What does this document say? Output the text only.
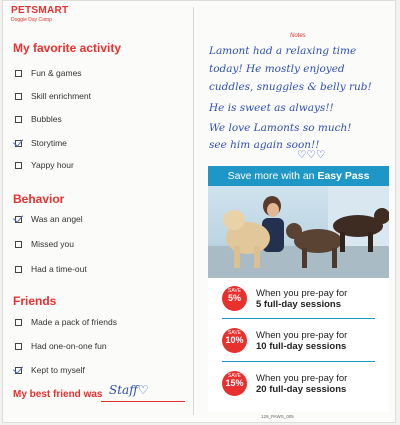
PETSMART
Doggie Day Camp
My favorite activity
Fun & games
Skill enrichment
Bubbles
Storytime
Yappy hour
Behavior
Was an angel
Missed you
Had a time-out
Friends
Made a pack of friends
Had one-on-one fun
Kept to myself
My best friend was Staff♡
Notes
Lamont had a relaxing time
today! He mostly enjoyed
cuddles, snuggles & belly rub!
He is sweet as always!!
We love Lamonts so much!
see him again soon!!
♡♡♡
Save more with an Easy Pass
SAVE
5%	When you pre-pay for
5 full-day sessions
SAVE
10%	When you pre-pay for
10 full-day sessions
SAVE
15%	When you pre-pay for
20 full-day sessions
129_PAWS_005
